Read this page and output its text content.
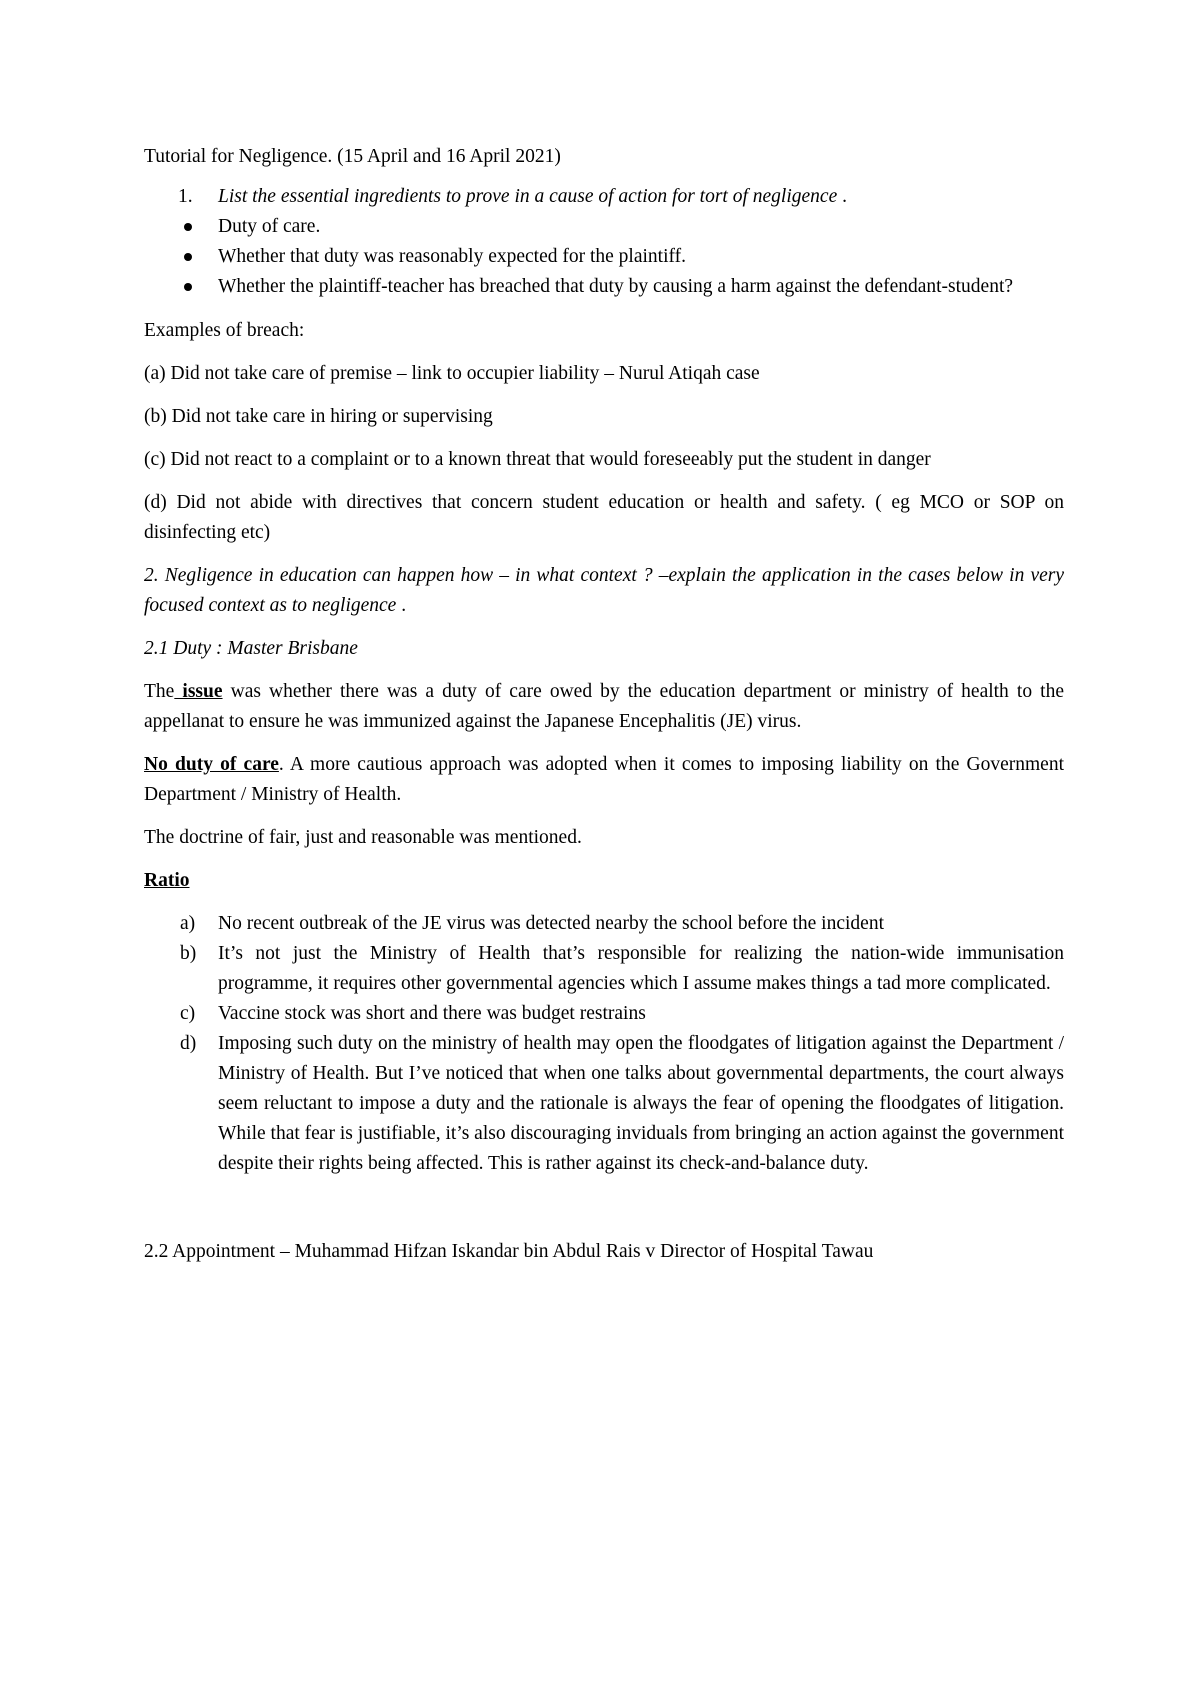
Tutorial for Negligence. (15 April and 16 April 2021)

1. List the essential ingredients to prove in a cause of action for tort of negligence .
Duty of care.
Whether that duty was reasonably expected for the plaintiff.
Whether the plaintiff-teacher has breached that duty by causing a harm against the defendant-student?

Examples of breach:

(a) Did not take care of premise – link to occupier liability – Nurul Atiqah case

(b) Did not take care in hiring or supervising

(c) Did not react to a complaint or to a known threat that would foreseeably put the student in danger

(d) Did not abide with directives that concern student education or health and safety. ( eg MCO or SOP on disinfecting etc)

2. Negligence in education can happen how – in what context ? –explain the application in the cases below in very focused context as to negligence .

2.1 Duty : Master Brisbane

The issue was whether there was a duty of care owed by the education department or ministry of health to the appellanat to ensure he was immunized against the Japanese Encephalitis (JE) virus.

No duty of care. A more cautious approach was adopted when it comes to imposing liability on the Government Department / Ministry of Health.

The doctrine of fair, just and reasonable was mentioned.

Ratio

a) No recent outbreak of the JE virus was detected nearby the school before the incident
b) It’s not just the Ministry of Health that’s responsible for realizing the nation-wide immunisation programme, it requires other governmental agencies which I assume makes things a tad more complicated.
c) Vaccine stock was short and there was budget restrains
d) Imposing such duty on the ministry of health may open the floodgates of litigation against the Department / Ministry of Health. But I’ve noticed that when one talks about governmental departments, the court always seem reluctant to impose a duty and the rationale is always the fear of opening the floodgates of litigation. While that fear is justifiable, it’s also discouraging inviduals from bringing an action against the government despite their rights being affected. This is rather against its check-and-balance duty.

2.2 Appointment – Muhammad Hifzan Iskandar bin Abdul Rais v Director of Hospital Tawau
